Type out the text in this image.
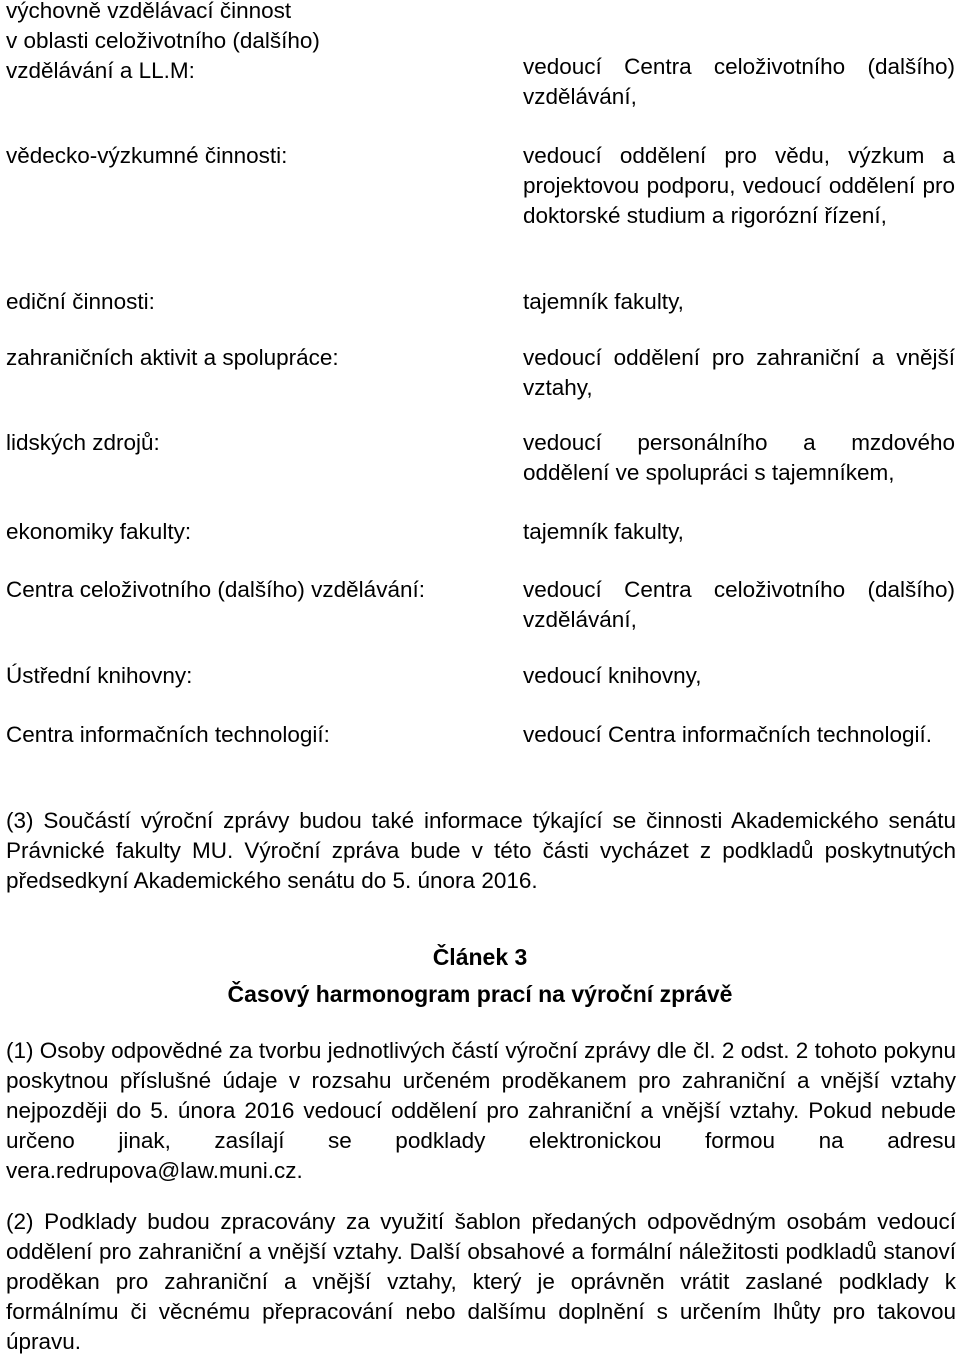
výchovně vzdělávací činnost
v oblasti celoživotního (dalšího)
vzdělávání a LL.M:	vedoucí Centra celoživotního (dalšího) vzdělávání,

vědecko-výzkumné činnosti:	vedoucí oddělení pro vědu, výzkum a projektovou podporu, vedoucí oddělení pro doktorské studium a rigorózní řízení,

ediční činnosti:	tajemník fakulty,

zahraničních aktivit a spolupráce:	vedoucí oddělení pro zahraniční a vnější vztahy,

lidských zdrojů:	vedoucí personálního a mzdového oddělení ve spolupráci s tajemníkem,

ekonomiky fakulty:	tajemník fakulty,

Centra celoživotního (dalšího) vzdělávání:	vedoucí Centra celoživotního (dalšího) vzdělávání,

Ústřední knihovny:	vedoucí knihovny,

Centra informačních technologií:	vedoucí Centra informačních technologií.

(3) Součástí výroční zprávy budou také informace týkající se činnosti Akademického senátu Právnické fakulty MU. Výroční zpráva bude v této části vycházet z podkladů poskytnutých předsedkyní Akademického senátu do 5. února 2016.

Článek 3

Časový harmonogram prací na výroční zprávě

(1) Osoby odpovědné za tvorbu jednotlivých částí výroční zprávy dle čl. 2 odst. 2 tohoto pokynu poskytnou příslušné údaje v rozsahu určeném proděkanem pro zahraniční a vnější vztahy nejpozději do 5. února 2016 vedoucí oddělení pro zahraniční a vnější vztahy. Pokud nebude určeno jinak, zasílají se podklady elektronickou formou na adresu vera.redrupova@law.muni.cz.

(2) Podklady budou zpracovány za využití šablon předaných odpovědným osobám vedoucí oddělení pro zahraniční a vnější vztahy. Další obsahové a formální náležitosti podkladů stanoví proděkan pro zahraniční a vnější vztahy, který je oprávněn vrátit zaslané podklady k formálnímu či věcnému přepracování nebo dalšímu doplnění s určením lhůty pro takovou úpravu.
